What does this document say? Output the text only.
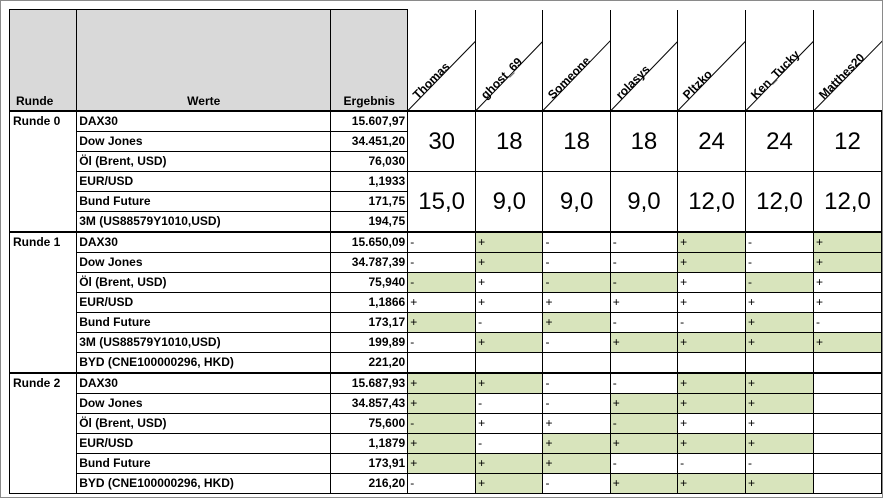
Runde	Werte	Ergebnis	Thomas	ghost_69	Someone	rolasys	Pltzko	Ken_Tucky	Matthes20

Runde 0	DAX30	15.607,97	30	18	18	18	24	24	12
	Dow Jones	34.451,20							
	Öl (Brent, USD)	76,030							
	EUR/USD	1,1933	15,0	9,0	9,0	9,0	12,0	12,0	12,0
	Bund Future	171,75							
	3M (US88579Y1010,USD)	194,75							
Runde 1	DAX30	15.650,09	-	+	-	-	+	-	+
	Dow Jones	34.787,39	-	+	-	-	+	-	+
	Öl (Brent, USD)	75,940	-	+	-	-	+	-	+
	EUR/USD	1,1866	+	+	+	+	+	+	+
	Bund Future	173,17	+	-	+	-	-	+	-
	3M (US88579Y1010,USD)	199,89	-	+	-	+	+	+	+
	BYD (CNE100000296, HKD)	221,20							
Runde 2	DAX30	15.687,93	+	+	-	-	+	+	
	Dow Jones	34.857,43	+	-	-	+	+	+	
	Öl (Brent, USD)	75,600	-	+	+	-	+	+	
	EUR/USD	1,1879	+	-	+	+	+	+	
	Bund Future	173,91	+	+	+	-	-	-	
	BYD (CNE100000296, HKD)	216,20	-	+	-	+	+	+	
